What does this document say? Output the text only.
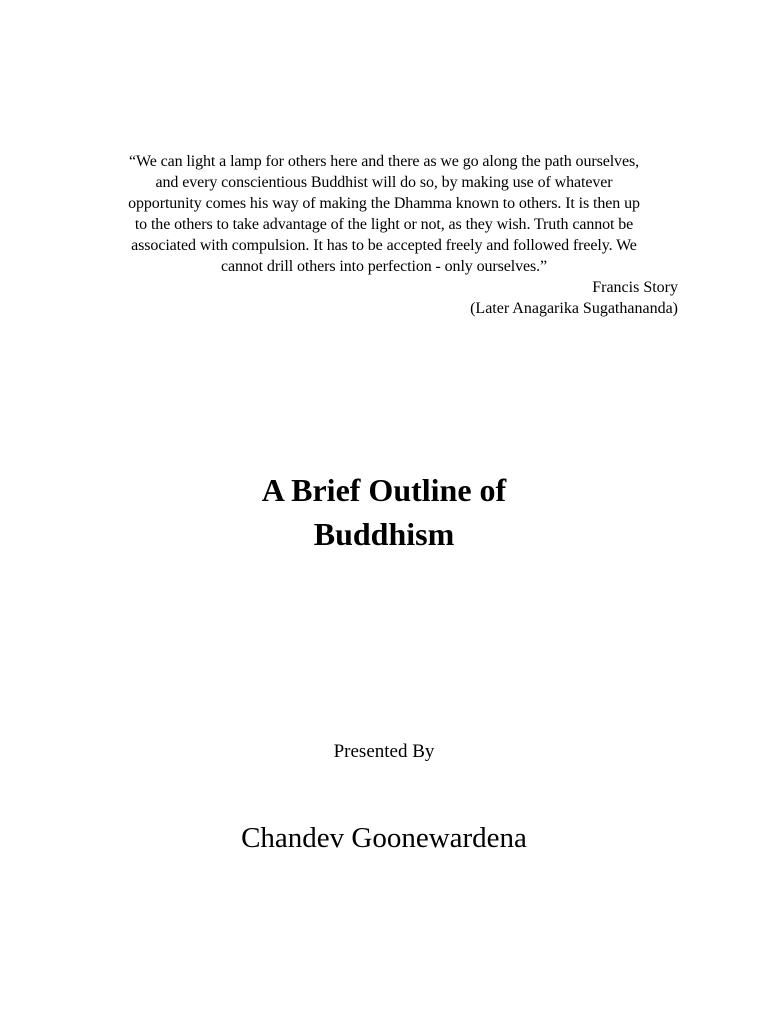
“We can light a lamp for others here and there as we go along the path ourselves,
and every conscientious Buddhist will do so, by making use of whatever
opportunity comes his way of making the Dhamma known to others. It is then up
to the others to take advantage of the light or not, as they wish. Truth cannot be
associated with compulsion. It has to be accepted freely and followed freely. We
cannot drill others into perfection - only ourselves.”
Francis Story
(Later Anagarika Sugathananda)
A Brief Outline of
Buddhism
Presented By
Chandev Goonewardena
